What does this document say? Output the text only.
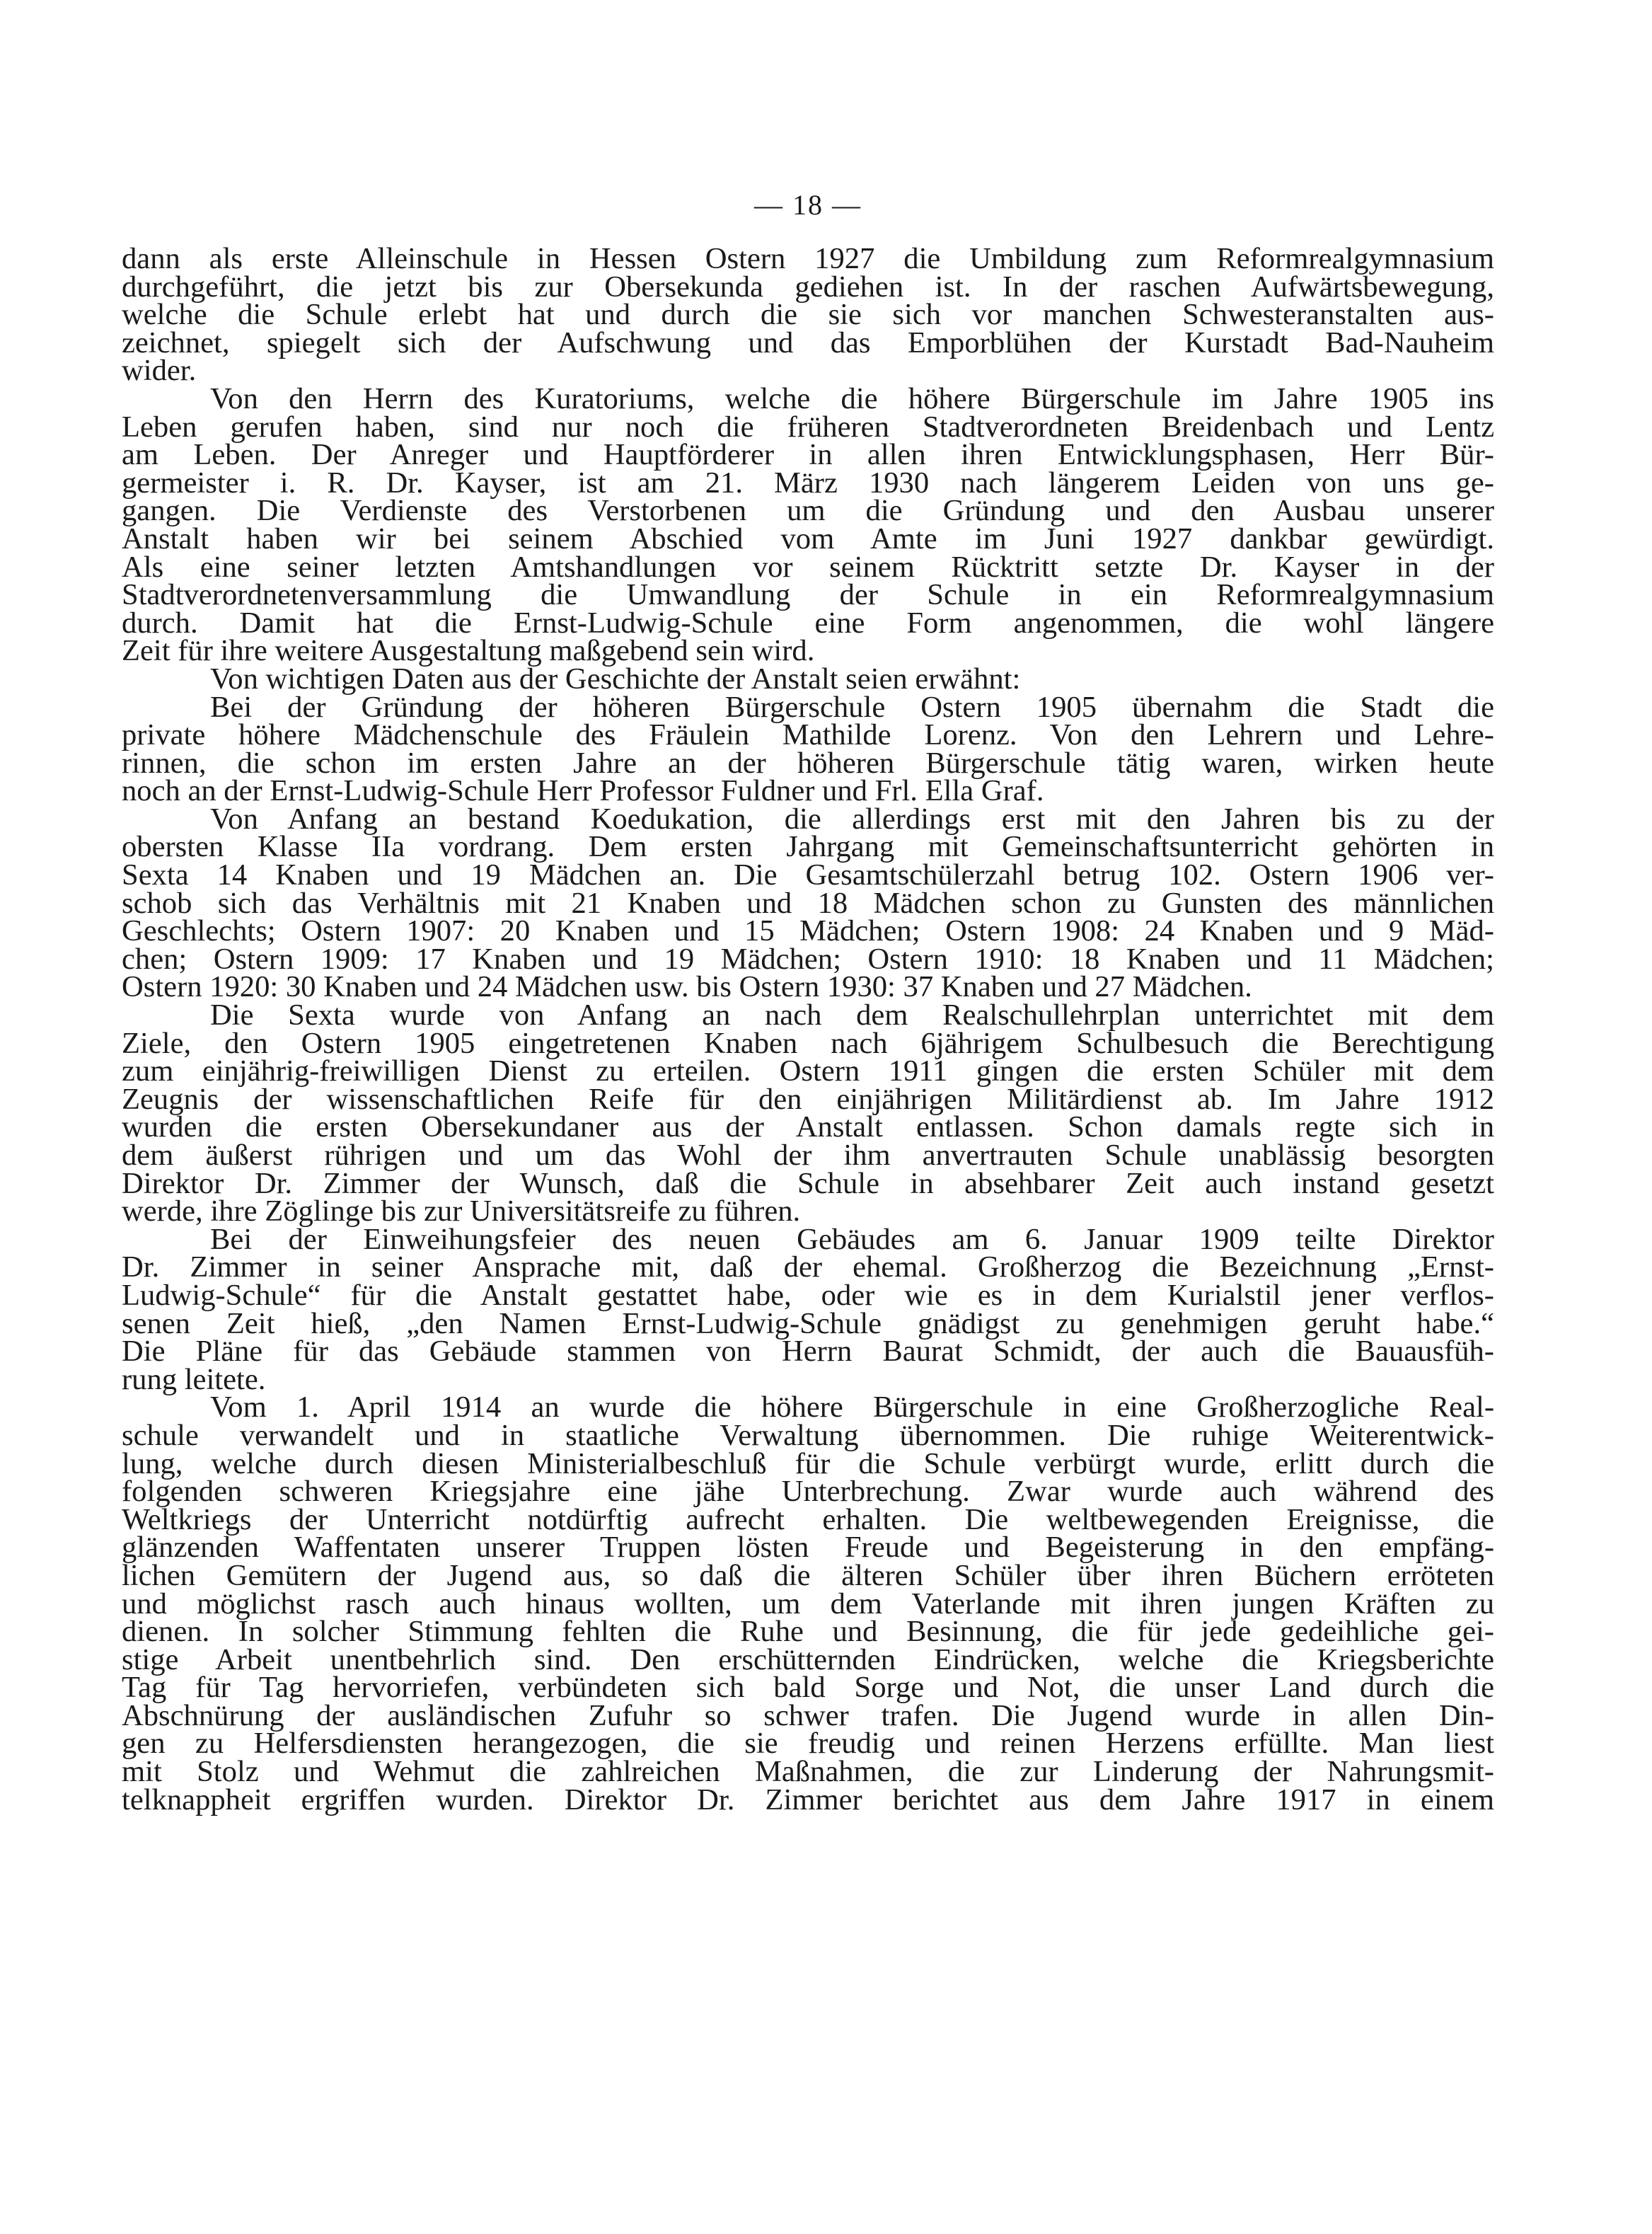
— 18 —
dann als erste Alleinschule in Hessen Ostern 1927 die Umbildung zum Reformrealgymnasium
durchgeführt, die jetzt bis zur Obersekunda gediehen ist. In der raschen Aufwärtsbewegung,
welche die Schule erlebt hat und durch die sie sich vor manchen Schwesteranstalten aus-
zeichnet, spiegelt sich der Aufschwung und das Emporblühen der Kurstadt Bad-Nauheim
wider.
Von den Herrn des Kuratoriums, welche die höhere Bürgerschule im Jahre 1905 ins
Leben gerufen haben, sind nur noch die früheren Stadtverordneten Breidenbach und Lentz
am Leben. Der Anreger und Hauptförderer in allen ihren Entwicklungsphasen, Herr Bür-
germeister i. R. Dr. Kayser, ist am 21. März 1930 nach längerem Leiden von uns ge-
gangen. Die Verdienste des Verstorbenen um die Gründung und den Ausbau unserer
Anstalt haben wir bei seinem Abschied vom Amte im Juni 1927 dankbar gewürdigt.
Als eine seiner letzten Amtshandlungen vor seinem Rücktritt setzte Dr. Kayser in der
Stadtverordnetenversammlung die Umwandlung der Schule in ein Reformrealgymnasium
durch. Damit hat die Ernst-Ludwig-Schule eine Form angenommen, die wohl längere
Zeit für ihre weitere Ausgestaltung maßgebend sein wird.
Von wichtigen Daten aus der Geschichte der Anstalt seien erwähnt:
Bei der Gründung der höheren Bürgerschule Ostern 1905 übernahm die Stadt die
private höhere Mädchenschule des Fräulein Mathilde Lorenz. Von den Lehrern und Lehre-
rinnen, die schon im ersten Jahre an der höheren Bürgerschule tätig waren, wirken heute
noch an der Ernst-Ludwig-Schule Herr Professor Fuldner und Frl. Ella Graf.
Von Anfang an bestand Koedukation, die allerdings erst mit den Jahren bis zu der
obersten Klasse IIa vordrang. Dem ersten Jahrgang mit Gemeinschaftsunterricht gehörten in
Sexta 14 Knaben und 19 Mädchen an. Die Gesamtschülerzahl betrug 102. Ostern 1906 ver-
schob sich das Verhältnis mit 21 Knaben und 18 Mädchen schon zu Gunsten des männlichen
Geschlechts; Ostern 1907: 20 Knaben und 15 Mädchen; Ostern 1908: 24 Knaben und 9 Mäd-
chen; Ostern 1909: 17 Knaben und 19 Mädchen; Ostern 1910: 18 Knaben und 11 Mädchen;
Ostern 1920: 30 Knaben und 24 Mädchen usw. bis Ostern 1930: 37 Knaben und 27 Mädchen.
Die Sexta wurde von Anfang an nach dem Realschullehrplan unterrichtet mit dem
Ziele, den Ostern 1905 eingetretenen Knaben nach 6jährigem Schulbesuch die Berechtigung
zum einjährig-freiwilligen Dienst zu erteilen. Ostern 1911 gingen die ersten Schüler mit dem
Zeugnis der wissenschaftlichen Reife für den einjährigen Militärdienst ab. Im Jahre 1912
wurden die ersten Obersekundaner aus der Anstalt entlassen. Schon damals regte sich in
dem äußerst rührigen und um das Wohl der ihm anvertrauten Schule unablässig besorgten
Direktor Dr. Zimmer der Wunsch, daß die Schule in absehbarer Zeit auch instand gesetzt
werde, ihre Zöglinge bis zur Universitätsreife zu führen.
Bei der Einweihungsfeier des neuen Gebäudes am 6. Januar 1909 teilte Direktor
Dr. Zimmer in seiner Ansprache mit, daß der ehemal. Großherzog die Bezeichnung „Ernst-
Ludwig-Schule“ für die Anstalt gestattet habe, oder wie es in dem Kurialstil jener verflos-
senen Zeit hieß, „den Namen Ernst-Ludwig-Schule gnädigst zu genehmigen geruht habe.“
Die Pläne für das Gebäude stammen von Herrn Baurat Schmidt, der auch die Bauausfüh-
rung leitete.
Vom 1. April 1914 an wurde die höhere Bürgerschule in eine Großherzogliche Real-
schule verwandelt und in staatliche Verwaltung übernommen. Die ruhige Weiterentwick-
lung, welche durch diesen Ministerialbeschluß für die Schule verbürgt wurde, erlitt durch die
folgenden schweren Kriegsjahre eine jähe Unterbrechung. Zwar wurde auch während des
Weltkriegs der Unterricht notdürftig aufrecht erhalten. Die weltbewegenden Ereignisse, die
glänzenden Waffentaten unserer Truppen lösten Freude und Begeisterung in den empfäng-
lichen Gemütern der Jugend aus, so daß die älteren Schüler über ihren Büchern erröteten
und möglichst rasch auch hinaus wollten, um dem Vaterlande mit ihren jungen Kräften zu
dienen. In solcher Stimmung fehlten die Ruhe und Besinnung, die für jede gedeihliche gei-
stige Arbeit unentbehrlich sind. Den erschütternden Eindrücken, welche die Kriegsberichte
Tag für Tag hervorriefen, verbündeten sich bald Sorge und Not, die unser Land durch die
Abschnürung der ausländischen Zufuhr so schwer trafen. Die Jugend wurde in allen Din-
gen zu Helfersdiensten herangezogen, die sie freudig und reinen Herzens erfüllte. Man liest
mit Stolz und Wehmut die zahlreichen Maßnahmen, die zur Linderung der Nahrungsmit-
telknappheit ergriffen wurden. Direktor Dr. Zimmer berichtet aus dem Jahre 1917 in einem
